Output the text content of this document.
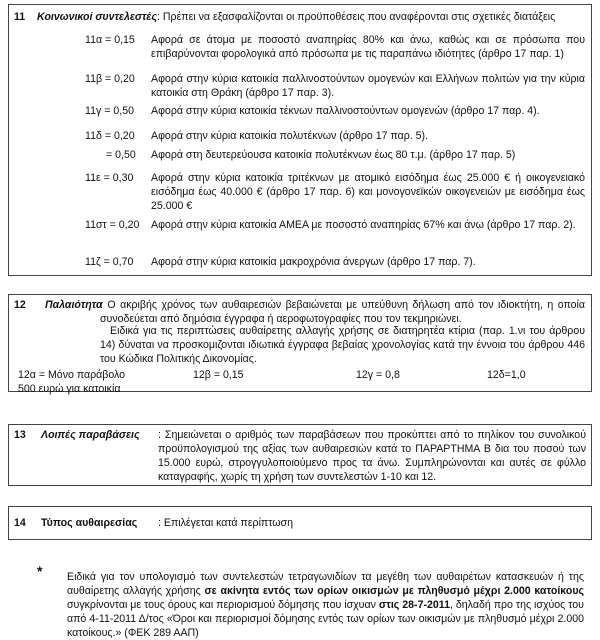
11 Κοινωνικοί συντελεστές: Πρέπει να εξασφαλίζονται οι προϋποθέσεις που αναφέρονται στις σχετικές διατάξεις
11α = 0,15 Αφορά σε άτομα με ποσοστό αναπηρίας 80% και άνω, καθώς και σε πρόσωπα που επιβαρύνονται φορολογικά από πρόσωπα με τις παραπάνω ιδιότητες (άρθρο 17 παρ. 1)
11β = 0,20 Αφορά στην κύρια κατοικία παλλινοστούντων ομογενών και Ελλήνων πολιτών για την κύρια κατοικία στη Θράκη (άρθρο 17 παρ. 3).
11γ = 0,50 Αφορά στην κύρια κατοικία τέκνων παλλινοστούντων ομογενών (άρθρο 17 παρ. 4).
11δ = 0,20 Αφορά στην κύρια κατοικία πολυτέκνων (άρθρο 17 παρ. 5).
= 0,50 Αφορά στη δευτερεύουσα κατοικία πολυτέκνων έως 80 τ.μ. (άρθρο 17 παρ. 5)
11ε = 0,30 Αφορά στην κύρια κατοικία τριτέκνων με ατομικό εισόδημα έως 25.000 € ή οικογενειακό εισόδημα έως 40.000 € (άρθρο 17 παρ. 6) και μονογονεϊκών οικογενειών με εισόδημα έως 25.000 €
11στ = 0,20 Αφορά στην κύρια κατοικία ΑΜΕΑ με ποσοστό αναπηρίας 67% και άνω (άρθρο 17 παρ. 2).
11ζ = 0,70 Αφορά στην κύρια κατοικία μακροχρόνια άνεργων (άρθρο 17 παρ. 7).
12 Παλαιότητα
: Ο ακριβής χρόνος των αυθαιρεσιών βεβαιώνεται με υπεύθυνη δήλωση από τον ιδιοκτήτη, η οποία συνοδεύεται από δημόσια έγγραφα ή αεροφωτογραφίες που τον τεκμηριώνει.
Ειδικά για τις περιπτώσεις αυθαίρετης αλλαγής χρήσης σε διατηρητέα κτίρια (παρ. 1.νι του άρθρου 14) δύναται να προσκομιζονται ιδιωτικά έγγραφα βεβαίας χρονολογίας κατά την έννοια του άρθρου 446 του Κώδικα Πολιτικής Δικονομίας.
12α = Μόνο παράβολο
500 ευρώ για κατοικία
12β = 0,15	12γ = 0,8	12δ=1,0
13 Λοιπές παραβάσεις : Σημειώνεται ο αριθμός των παραβάσεων που προκύπτει από το πηλίκον του συνολικού προϋπολογισμού της αξίας των αυθαιρεσιών κατά το ΠΑΡΑΡΤΗΜΑ Β δια του ποσού των 15.000 ευρώ, στρογγυλοποιούμενο προς τα άνω. Συμπληρώνονται και αυτές σε φύλλο καταγραφής, χωρίς τη χρήση των συντελεστών 1-10 και 12.
14 Τύπος αυθαιρεσίας : Επιλέγεται κατά περίπτωση
* Ειδικά για τον υπολογισμό των συντελεστών τετραγωνιδίων τα μεγέθη των αυθαιρέτων κατασκευών ή της αυθαίρετης αλλαγής χρήσης σε ακίνητα εντός των ορίων οικισμών με πληθυσμό μέχρι 2.000 κατοίκους συγκρίνονται με τους όρους και περιορισμού δόμησης που ίσχυαν στις 28-7-2011, δηλαδή προ της ισχύος του από 4-11-2011 Δ/τος «Όροι και περιορισμοί δόμησης εντός των ορίων των οικισμών με πληθυσμό μέχρι 2.000 κατοίκους.» (ΦΕΚ 289 ΑΑΠ)
